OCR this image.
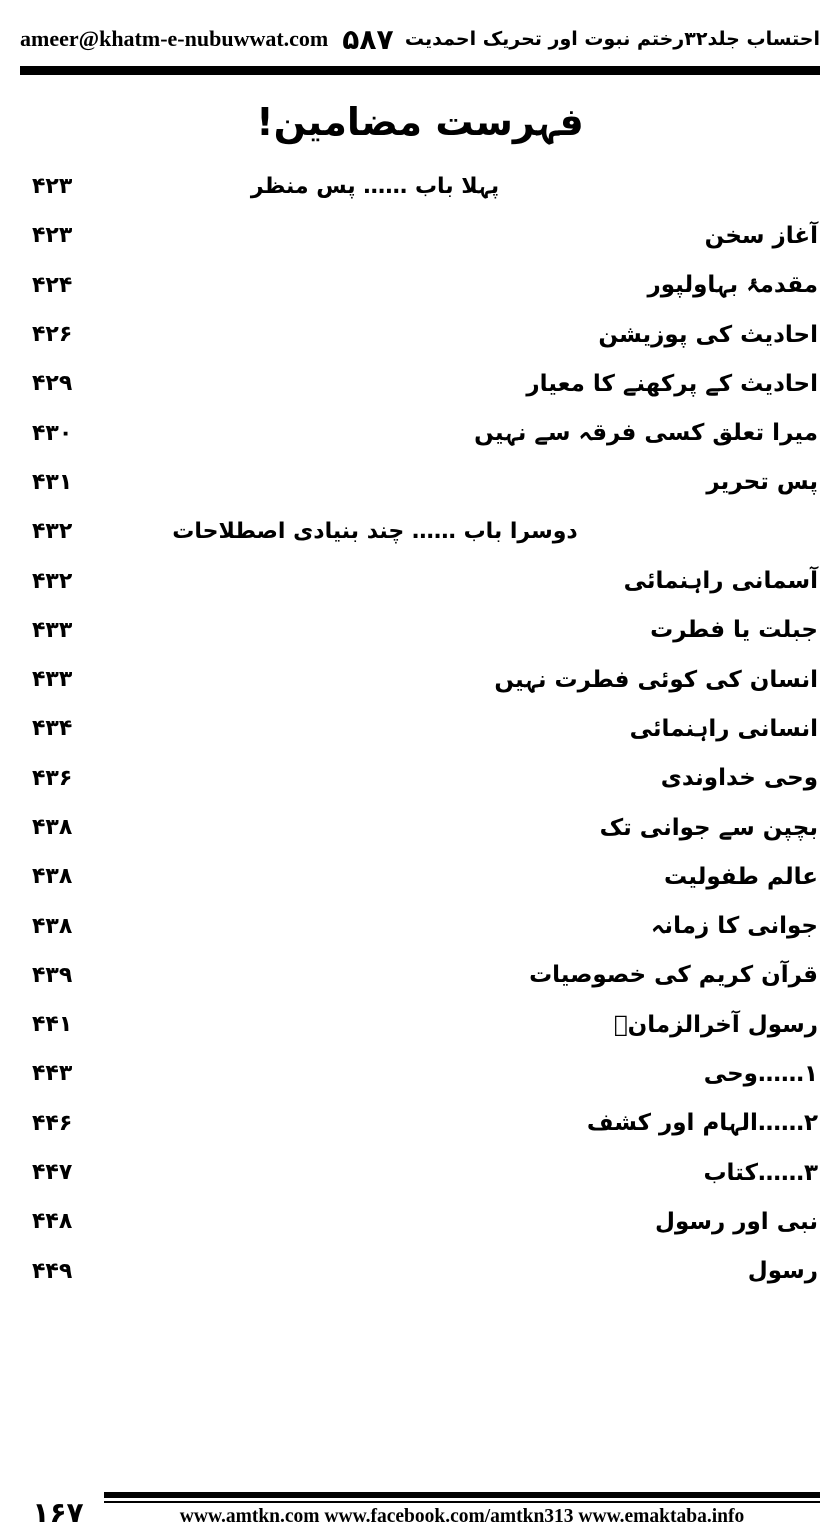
ameer@khatm-e-nubuwwat.com ۵۸۷ احتساب جلد۳۲رختم نبوت اور تحریک احمدیت
فہرست مضامین!
۴۲۳	پہلا باب …… پس منظر
۴۲۳	آغاز سخن
۴۲۴	مقدمۂ بہاولپور
۴۲۶	احادیث کی پوزیشن
۴۲۹	احادیث کے پرکھنے کا معیار
۴۳۰	میرا تعلق کسی فرقہ سے نہیں
۴۳۱	پس تحریر
۴۳۲	دوسرا باب …… چند بنیادی اصطلاحات
۴۳۲	آسمانی راہنمائی
۴۳۳	جبلت یا فطرت
۴۳۳	انسان کی کوئی فطرت نہیں
۴۳۴	انسانی راہنمائی
۴۳۶	وحی خداوندی
۴۳۸	بچپن سے جوانی تک
۴۳۸	عالم طفولیت
۴۳۸	جوانی کا زمانہ
۴۳۹	قرآن کریم کی خصوصیات
۴۴۱	رسول آخرالزمانؐ
۴۴۳	۱……وحی
۴۴۶	۲……الہام اور کشف
۴۴۷	۳……کتاب
۴۴۸	نبی اور رسول
۴۴۹	رسول
۱۶۷	www.amtkn.com www.facebook.com/amtkn313 www.emaktaba.info
